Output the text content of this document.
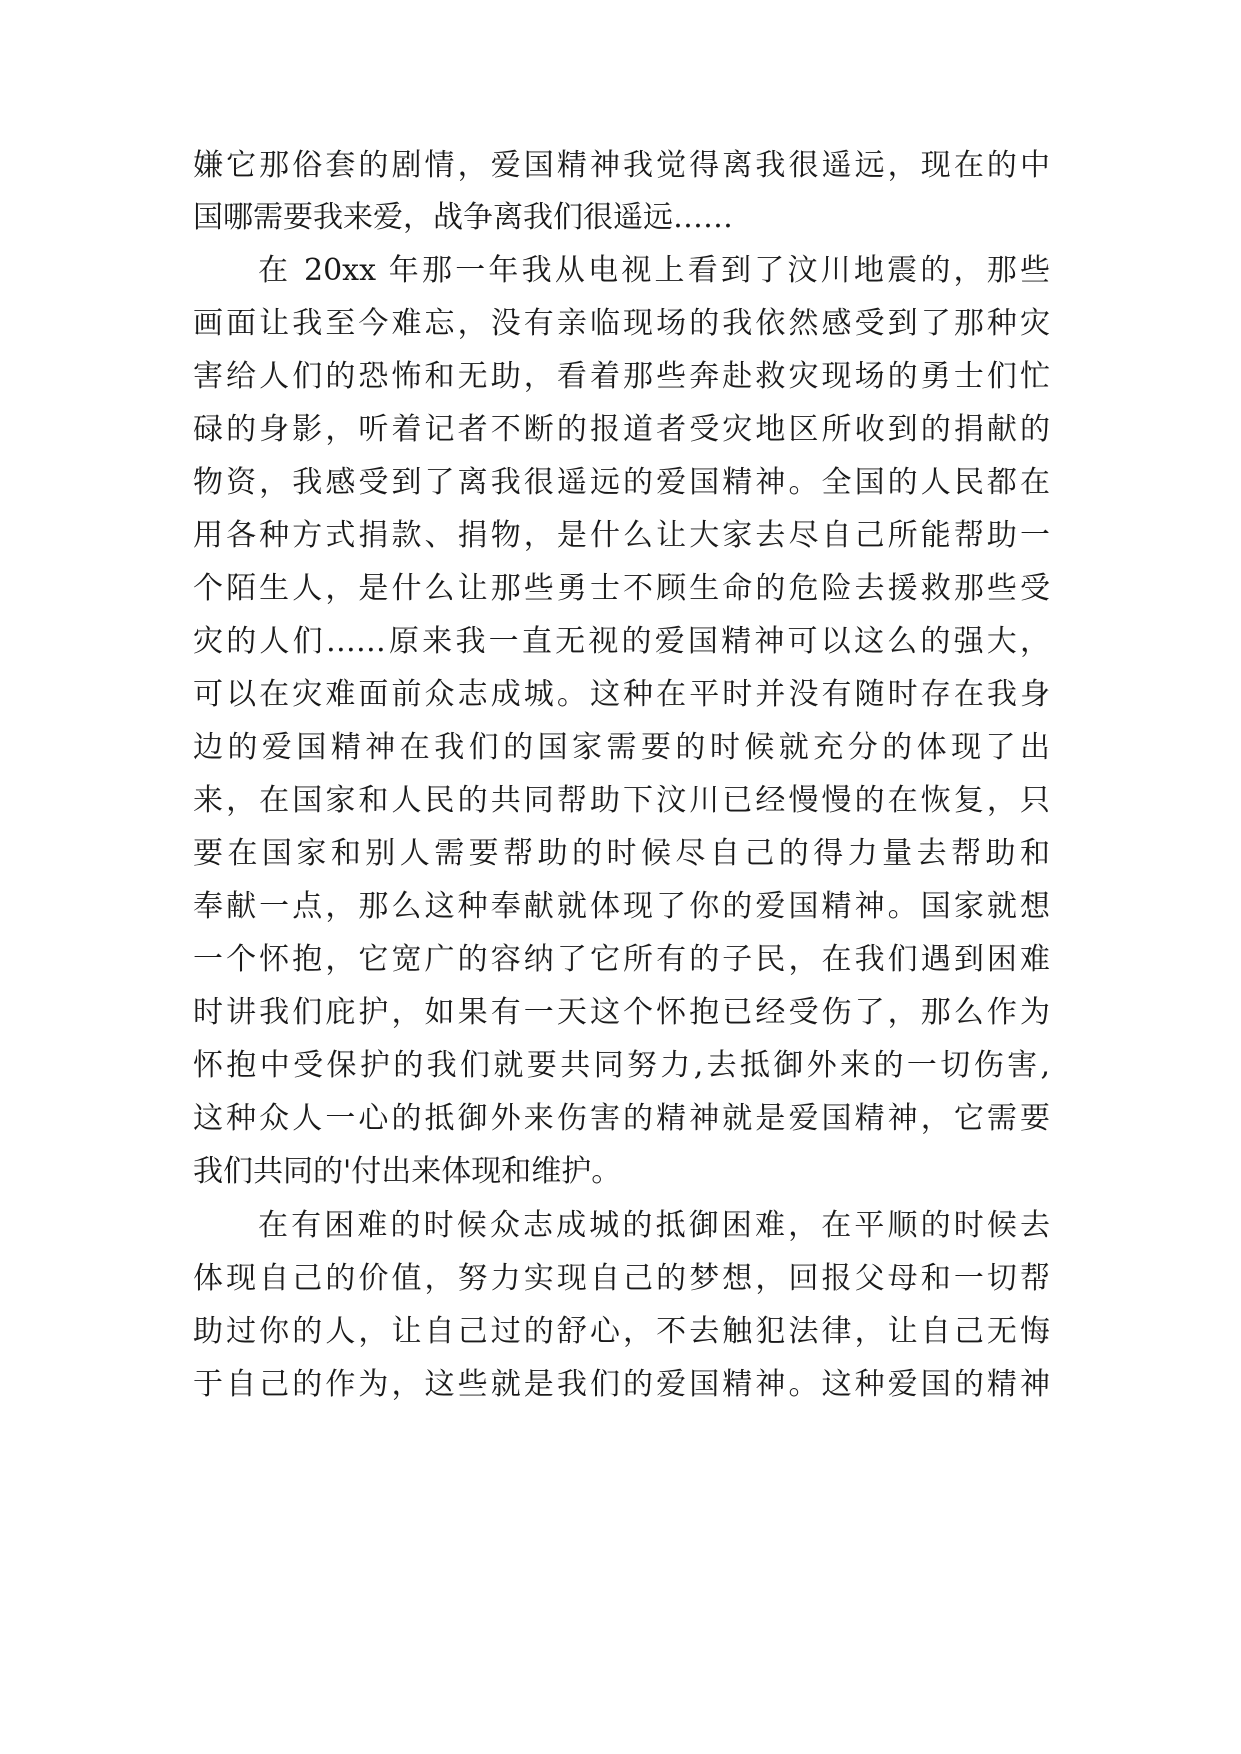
嫌它那俗套的剧情，爱国精神我觉得离我很遥远，现在的中
国哪需要我来爱，战争离我们很遥远……
在 20xx 年那一年我从电视上看到了汶川地震的，那些
画面让我至今难忘，没有亲临现场的我依然感受到了那种灾
害给人们的恐怖和无助，看着那些奔赴救灾现场的勇士们忙
碌的身影，听着记者不断的报道者受灾地区所收到的捐献的
物资，我感受到了离我很遥远的爱国精神。全国的人民都在
用各种方式捐款、捐物，是什么让大家去尽自己所能帮助一
个陌生人，是什么让那些勇士不顾生命的危险去援救那些受
灾的人们……原来我一直无视的爱国精神可以这么的强大，
可以在灾难面前众志成城。这种在平时并没有随时存在我身
边的爱国精神在我们的国家需要的时候就充分的体现了出
来，在国家和人民的共同帮助下汶川已经慢慢的在恢复，只
要在国家和别人需要帮助的时候尽自己的得力量去帮助和
奉献一点，那么这种奉献就体现了你的爱国精神。国家就想
一个怀抱，它宽广的容纳了它所有的子民，在我们遇到困难
时讲我们庇护，如果有一天这个怀抱已经受伤了，那么作为
怀抱中受保护的我们就要共同努力,去抵御外来的一切伤害,
这种众人一心的抵御外来伤害的精神就是爱国精神，它需要
我们共同的'付出来体现和维护。
在有困难的时候众志成城的抵御困难，在平顺的时候去
体现自己的价值，努力实现自己的梦想，回报父母和一切帮
助过你的人，让自己过的舒心，不去触犯法律，让自己无悔
于自己的作为，这些就是我们的爱国精神。这种爱国的精神
